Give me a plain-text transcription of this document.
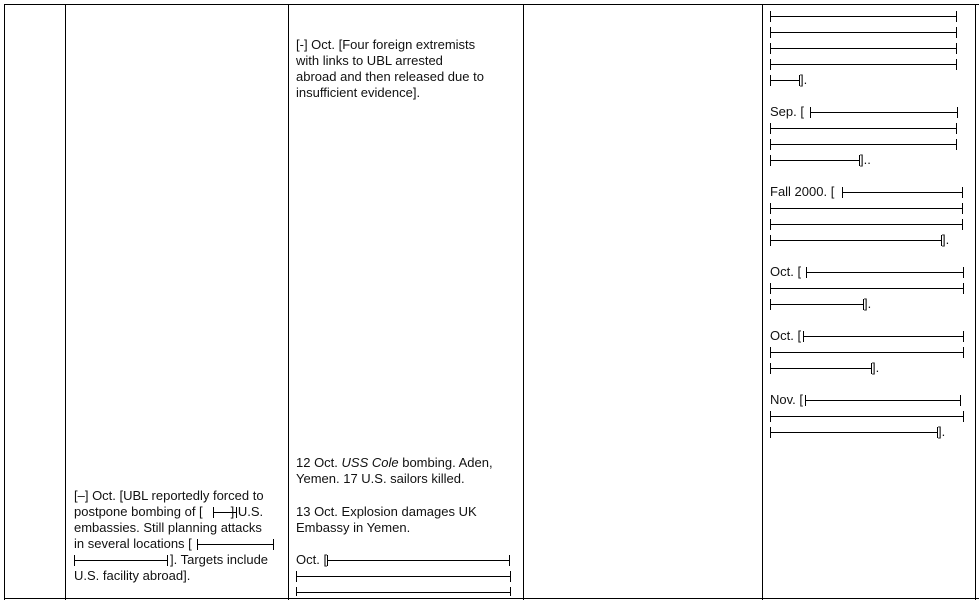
[-] Oct. [Four foreign extremists
with links to UBL arrested
abroad and then released due to
insufficient evidence].
12 Oct. USS Cole bombing. Aden,
Yemen. 17 U.S. sailors killed.
13 Oct. Explosion damages UK
Embassy in Yemen.
Oct. [
[–] Oct. [UBL reportedly forced to
postpone bombing of [ ] U.S.
embassies. Still planning attacks
in several locations [
]. Targets include
U.S. facility abroad].
].
Sep. [
]..
Fall 2000. [
].
Oct. [
].
Oct. [
].
Nov. [
].
